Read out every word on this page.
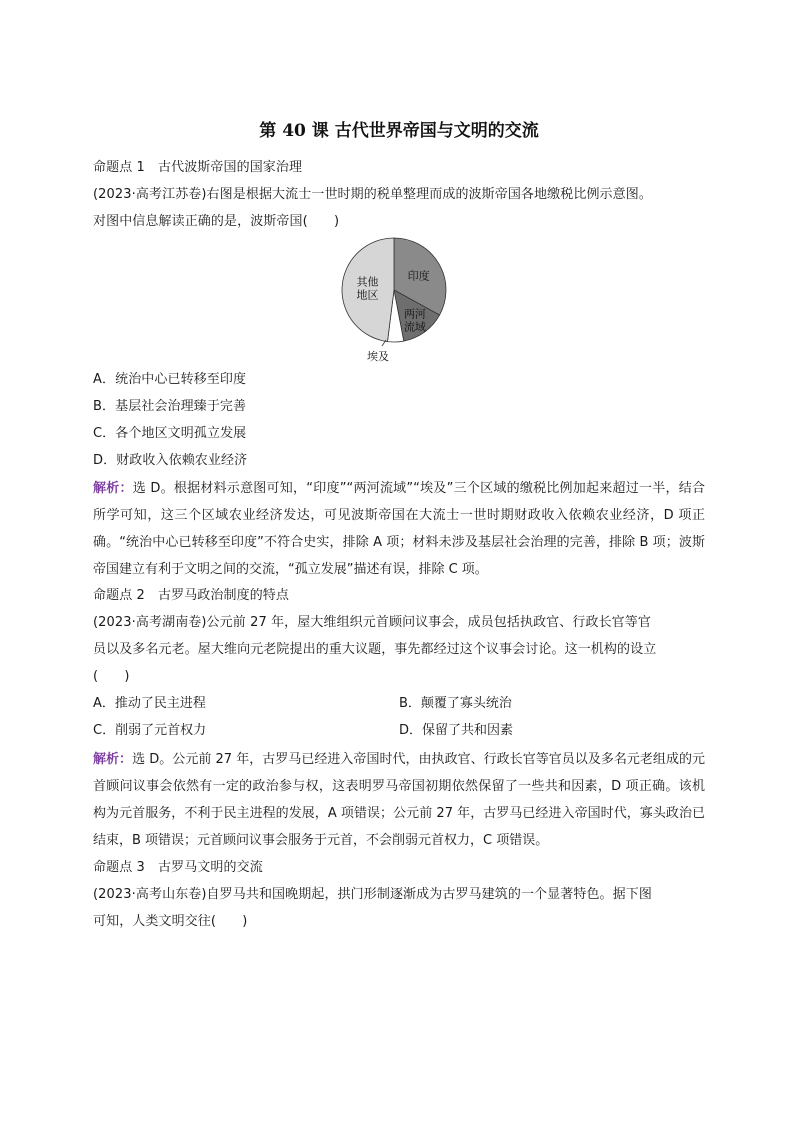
第 40 课 古代世界帝国与文明的交流
命题点 1　古代波斯帝国的国家治理
(2023·高考江苏卷)右图是根据大流士一世时期的税单整理而成的波斯帝国各地缴税比例示意图。
对图中信息解读正确的是，波斯帝国(　　)
印度
两河流域
埃及
其他地区
A．统治中心已转移至印度
B．基层社会治理臻于完善
C．各个地区文明孤立发展
D．财政收入依赖农业经济
解析：选 D。根据材料示意图可知，“印度”“两河流域”“埃及”三个区域的缴税比例加起来超过一半，结合所学可知，这三个区域农业经济发达，可见波斯帝国在大流士一世时期财政收入依赖农业经济，D 项正确。“统治中心已转移至印度”不符合史实，排除 A 项；材料未涉及基层社会治理的完善，排除 B 项；波斯帝国建立有利于文明之间的交流，“孤立发展”描述有误，排除 C 项。
命题点 2　古罗马政治制度的特点
(2023·高考湖南卷)公元前 27 年，屋大维组织元首顾问议事会，成员包括执政官、行政长官等官
员以及多名元老。屋大维向元老院提出的重大议题，事先都经过这个议事会讨论。这一机构的设立
(　　)
A．推动了民主进程	B．颠覆了寡头统治
C．削弱了元首权力	D．保留了共和因素
解析：选 D。公元前 27 年，古罗马已经进入帝国时代，由执政官、行政长官等官员以及多名元老组成的元首顾问议事会依然有一定的政治参与权，这表明罗马帝国初期依然保留了一些共和因素，D 项正确。该机构为元首服务，不利于民主进程的发展，A 项错误；公元前 27 年，古罗马已经进入帝国时代，寡头政治已结束，B 项错误；元首顾问议事会服务于元首，不会削弱元首权力，C 项错误。
命题点 3　古罗马文明的交流
(2023·高考山东卷)自罗马共和国晚期起，拱门形制逐渐成为古罗马建筑的一个显著特色。据下图
可知，人类文明交往(　　)
